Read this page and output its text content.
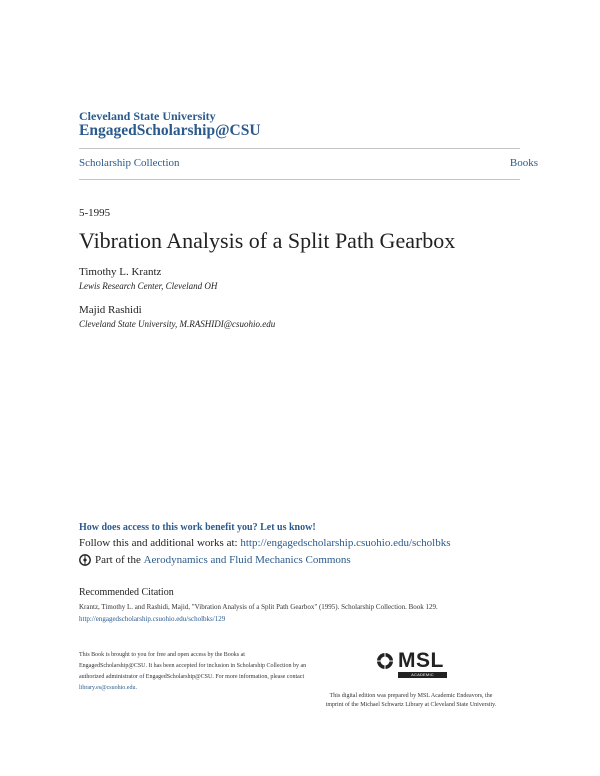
Cleveland State University
EngagedScholarship@CSU
Scholarship Collection	Books
5-1995
Vibration Analysis of a Split Path Gearbox
Timothy L. Krantz
Lewis Research Center, Cleveland OH
Majid Rashidi
Cleveland State University, M.RASHIDI@csuohio.edu
How does access to this work benefit you? Let us know!
Follow this and additional works at: http://engagedscholarship.csuohio.edu/scholbks
Part of the
Aerodynamics and Fluid Mechanics Commons
Recommended Citation
Krantz, Timothy L. and Rashidi, Majid, "Vibration Analysis of a Split Path Gearbox" (1995). Scholarship Collection. Book 129.
http://engagedscholarship.csuohio.edu/scholbks/129
This Book is brought to you for free and open access by the Books at EngagedScholarship@CSU. It has been accepted for inclusion in Scholarship Collection by an authorized administrator of EngagedScholarship@CSU. For more information, please contact library.es@csuohio.edu.
MSL
ACADEMIC ENDEAVORS
This digital edition was prepared by MSL Academic Endeavors, the imprint of the Michael Schwartz Library at Cleveland State University.
